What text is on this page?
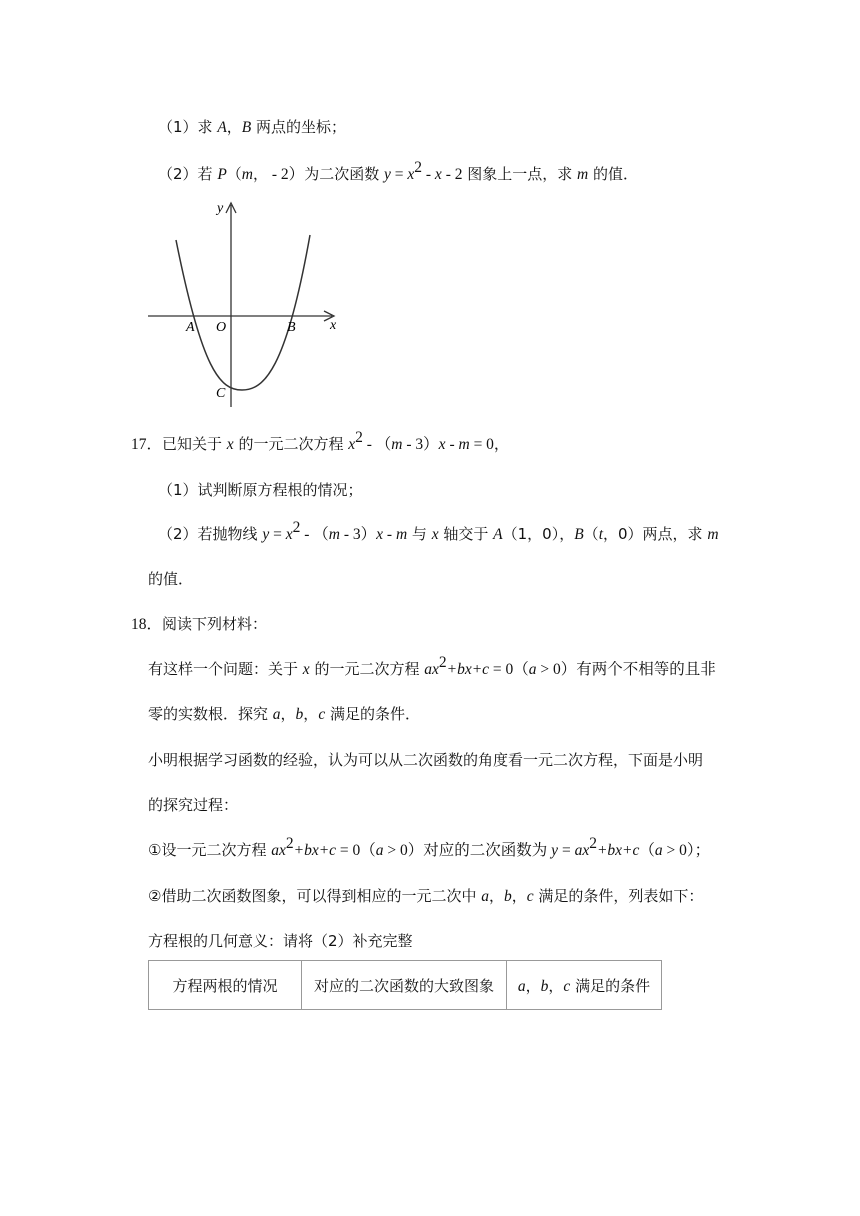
（1）求 A，B 两点的坐标；
（2）若 P（m， ‑ 2）为二次函数 $y = x^2$ ‑ x ‑ 2 图象上一点，求 m 的值．
y
x
A O	B
C
17．已知关于 x 的一元二次方程 $x^2$ ‑ （m ‑ 3）x ‑ m = 0，
（1）试判断原方程根的情况；
（2）若抛物线 $y = x^2$ ‑ （m ‑ 3）x ‑ m 与 x 轴交于 A（1，0），B（t，0）两点，求 m
的值．
18．阅读下列材料：
有这样一个问题：关于 x 的一元二次方程 $ax^2+bx+c = 0(a > 0)$有两个不相等的且非
零的实数根．探究 a，b，c 满足的条件．
小明根据学习函数的经验，认为可以从二次函数的角度看一元二次方程，下面是小明
的探究过程：
①设一元二次方程 $ax^2+bx+c = 0(a > 0)$对应的二次函数为 $y = ax^2+bx+c(a > 0)$；
②借助二次函数图象，可以得到相应的一元二次中 a，b，c 满足的条件，列表如下：
方程根的几何意义：请将（2）补充完整
方程两根的情况	对应的二次函数的大致图象	a，b，c 满足的条件
